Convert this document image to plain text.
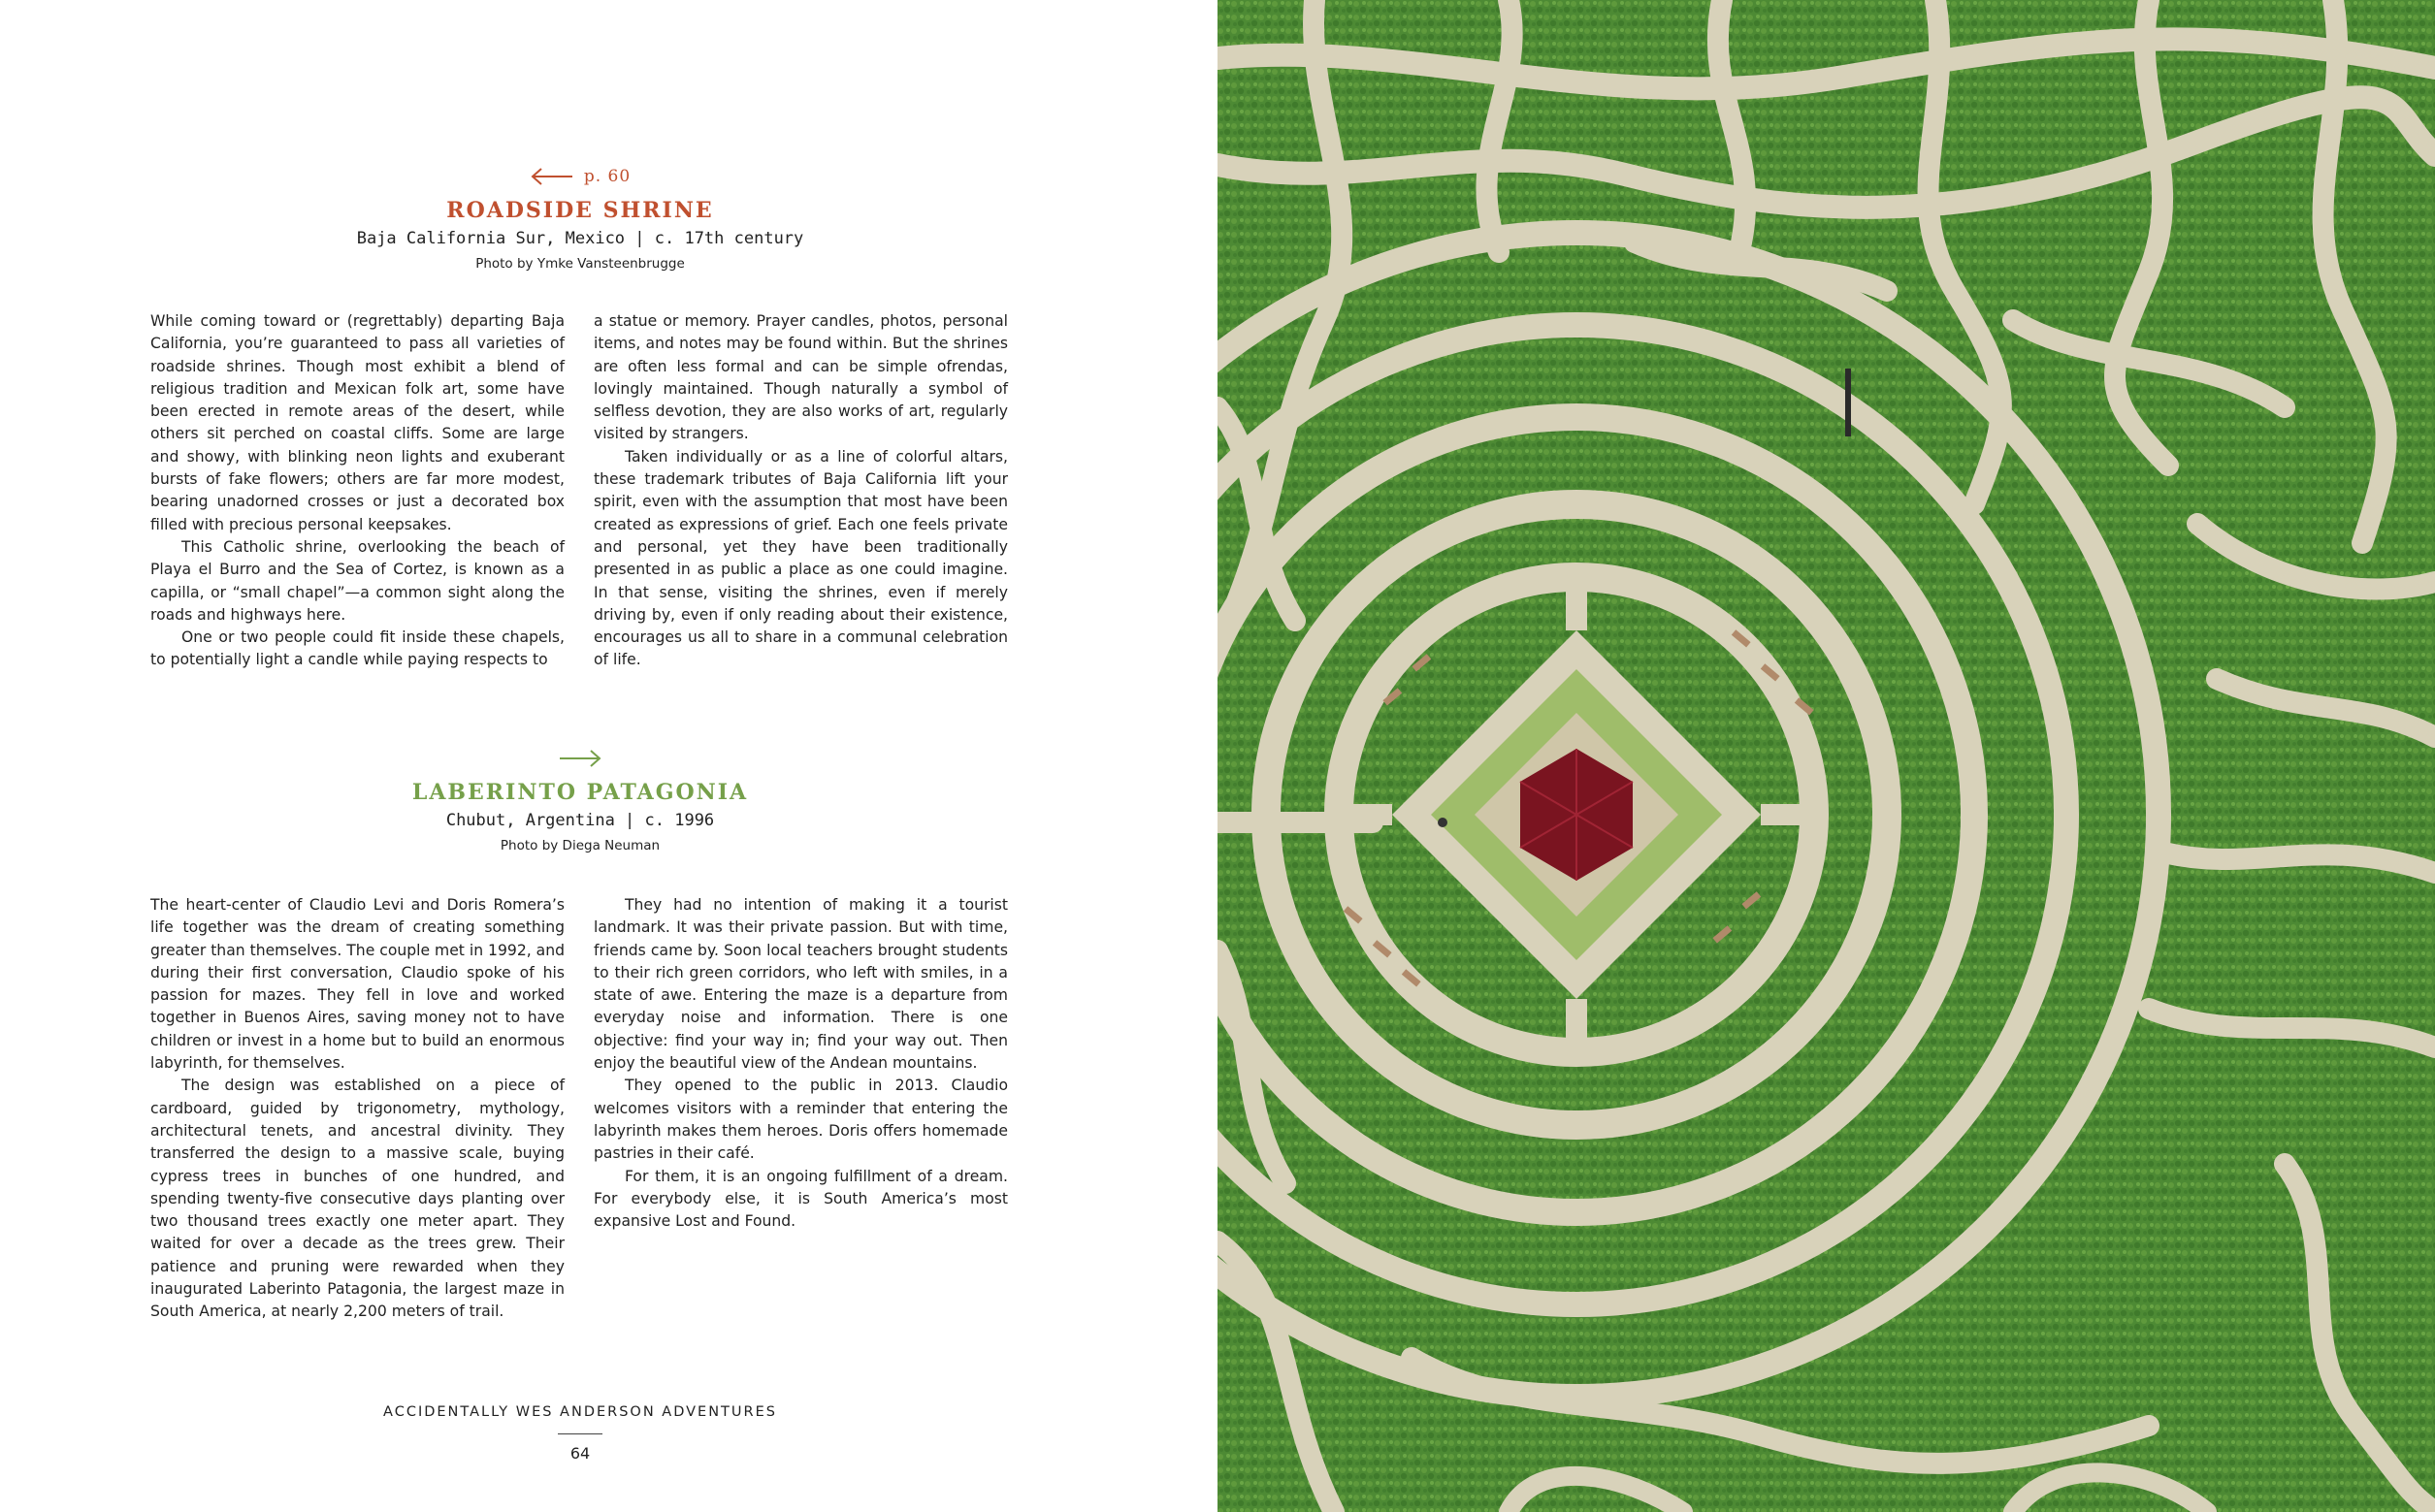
p. 60
ROADSIDE SHRINE
Baja California Sur, Mexico | c. 17th century
Photo by Ymke Vansteenbrugge

While coming toward or (regrettably) departing Baja California, you’re guaranteed to pass all varieties of roadside shrines. Though most exhibit a blend of religious tradition and Mexican folk art, some have been erected in remote areas of the desert, while others sit perched on coastal cliffs. Some are large and showy, with blinking neon lights and exuberant bursts of fake flowers; others are far more modest, bearing unadorned crosses or just a decorated box filled with precious personal keepsakes.

This Catholic shrine, overlooking the beach of Playa el Burro and the Sea of Cortez, is known as a capilla, or “small chapel”—a common sight along the roads and highways here.

One or two people could fit inside these chapels, to potentially light a candle while paying respects to

a statue or memory. Prayer candles, photos, personal items, and notes may be found within. But the shrines are often less formal and can be simple ofrendas, lovingly maintained. Though naturally a symbol of selfless devotion, they are also works of art, regularly visited by strangers.

Taken individually or as a line of colorful altars, these trademark tributes of Baja California lift your spirit, even with the assumption that most have been created as expressions of grief. Each one feels private and personal, yet they have been traditionally presented in as public a place as one could imagine. In that sense, visiting the shrines, even if merely driving by, even if only reading about their existence, encourages us all to share in a communal celebration of life.

LABERINTO PATAGONIA
Chubut, Argentina | c. 1996
Photo by Diega Neuman

The heart-center of Claudio Levi and Doris Romera’s life together was the dream of creating something greater than themselves. The couple met in 1992, and during their first conversation, Claudio spoke of his passion for mazes. They fell in love and worked together in Buenos Aires, saving money not to have children or invest in a home but to build an enormous labyrinth, for themselves.

The design was established on a piece of cardboard, guided by trigonometry, mythology, architectural tenets, and ancestral divinity. They transferred the design to a massive scale, buying cypress trees in bunches of one hundred, and spending twenty-five consecutive days planting over two thousand trees exactly one meter apart. They waited for over a decade as the trees grew. Their patience and pruning were rewarded when they inaugurated Laberinto Patagonia, the largest maze in South America, at nearly 2,200 meters of trail.

They had no intention of making it a tourist landmark. It was their private passion. But with time, friends came by. Soon local teachers brought students to their rich green corridors, who left with smiles, in a state of awe. Entering the maze is a departure from everyday noise and information. There is one objective: find your way in; find your way out. Then enjoy the beautiful view of the Andean mountains.

They opened to the public in 2013. Claudio welcomes visitors with a reminder that entering the labyrinth makes them heroes. Doris offers homemade pastries in their café.

For them, it is an ongoing fulfillment of a dream. For everybody else, it is South America’s most expansive Lost and Found.

ACCIDENTALLY WES ANDERSON ADVENTURES
64
